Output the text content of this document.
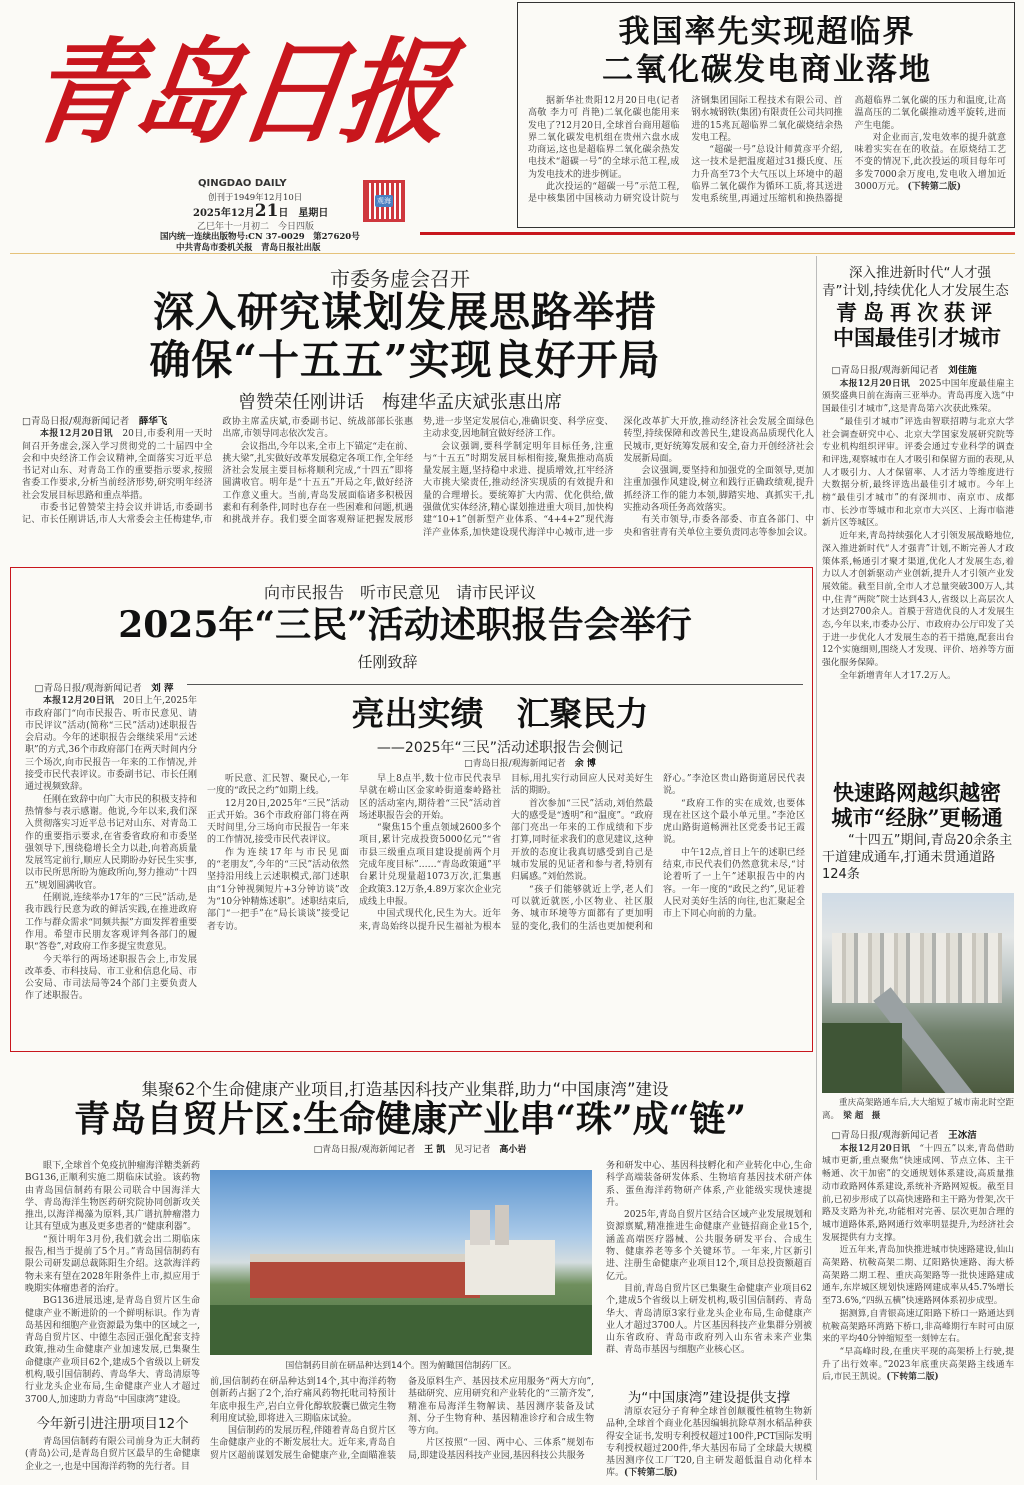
青岛日报
QINGDAO DAILY
创刊于1949年12月10日
2025年12月21日　星期日
乙巳年十一月初二　今日四版
国内统一连续出版物号:CN 37-0029　第27620号
中共青岛市委机关报　青岛日报社出版
观海
我国率先实现超临界
二氧化碳发电商业落地

据新华社贵阳12月20日电(记者高敬 李力可 肖艳)二氧化碳也能用来发电了?12月20日,全球首台商用超临界二氧化碳发电机组在贵州六盘水成功商运,这也是超临界二氧化碳余热发电技术“超碳一号”的全球示范工程,成为发电技术的进步例证。

此次投运的“超碳一号”示范工程,是中核集团中国核动力研究设计院与济钢集团国际工程技术有限公司、首钢水城钢铁(集团)有限责任公司共同推进的15兆瓦超临界二氧化碳烧结余热发电工程。

“超碳一号”总设计师黄彦平介绍,这一技术是把温度超过31摄氏度、压力升高至73个大气压以上环境中的超临界二氧化碳作为循环工质,将其送进发电系统里,再通过压缩机和换热器提高超临界二氧化碳的压力和温度,让高温高压的二氧化碳推动透平旋转,进而产生电能。

对企业而言,发电效率的提升就意味着实实在在的收益。在原烧结工艺不变的情况下,此次投运的项目每年可多发7000余万度电,发电收入增加近3000万元。 (下转第二版)

市委务虚会召开
深入研究谋划发展思路举措
确保“十五五”实现良好开局
曾赞荣任刚讲话　梅建华孟庆斌张惠出席

□青岛日报/观海新闻记者　 薛华飞

本报12月20日讯　 20日,市委利用一天时间召开务虚会,深入学习贯彻党的二十届四中全会和中央经济工作会议精神,全面落实习近平总书记对山东、对青岛工作的重要指示要求,按照省委工作要求,分析当前经济形势,研究明年经济社会发展目标思路和重点举措。

市委书记曾赞荣主持会议并讲话,市委副书记、市长任刚讲话,市人大常委会主任梅建华,市政协主席孟庆斌,市委副书记、统战部部长张惠出席,市领导同志依次发言。

会议指出,今年以来,全市上下锚定“走在前、挑大梁”,扎实做好改革发展稳定各项工作,全年经济社会发展主要目标将顺利完成,“十四五”即将圆满收官。明年是“十五五”开局之年,做好经济工作意义重大。当前,青岛发展面临诸多积极因素和有利条件,同时也存在一些困难和问题,机遇和挑战并存。我们要全面客观辩证把握发展形势,进一步坚定发展信心,准确识变、科学应变、主动求变,因地制宜做好经济工作。

会议强调,要科学制定明年目标任务,注重与“十五五”时期发展目标相衔接,聚焦推动高质量发展主题,坚持稳中求进、提质增效,扛牢经济大市挑大梁责任,推动经济实现质的有效提升和量的合理增长。要统筹扩大内需、优化供给,做强做优实体经济,精心谋划推进重大项目,加快构建“10+1”创新型产业体系、“4+4+2”现代海洋产业体系,加快建设现代海洋中心城市,进一步深化改革扩大开放,推动经济社会发展全面绿色转型,持续保障和改善民生,建设高品质现代化人民城市,更好统筹发展和安全,奋力开创经济社会发展新局面。

会议强调,要坚持和加强党的全面领导,更加注重加强作风建设,树立和践行正确政绩观,提升抓经济工作的能力本领,脚踏实地、真抓实干,扎实推动各项任务高效落实。

有关市领导,市委各部委、市直各部门、中央和省驻青有关单位主要负责同志等参加会议。

向市民报告　听市民意见　请市民评议
2025年“三民”活动述职报告会举行
任刚致辞

□青岛日报/观海新闻记者　 刘 萍

本报12月20日讯　 20日上午,2025年市政府部门“向市民报告、听市民意见、请市民评议”活动(简称“三民”活动)述职报告会启动。今年的述职报告会继续采用“云述职”的方式,36个市政府部门在两天时间内分三个场次,向市民报告一年来的工作情况,并接受市民代表评议。市委副书记、市长任刚通过视频致辞。

任刚在致辞中向广大市民的积极支持和热情参与表示感谢。他说,今年以来,我们深入贯彻落实习近平总书记对山东、对青岛工作的重要指示要求,在省委省政府和市委坚强领导下,围绕稳增长全力以赴,向着高质量发展笃定前行,顺应人民期盼办好民生实事,以市民所思所盼为施政所向,努力推动“十四五”规划圆满收官。

任刚说,连续举办17年的“三民”活动,是我市践行民意为政的鲜活实践,在推进政府工作与群众需求“同频共振”方面发挥着重要作用。希望市民朋友客观评判各部门的履职“答卷”,对政府工作多提宝贵意见。

今天举行的两场述职报告会上,市发展改革委、市科技局、市工业和信息化局、市公安局、市司法局等24个部门主要负责人作了述职报告。

亮出实绩　汇聚民力
——2025年“三民”活动述职报告会侧记
□青岛日报/观海新闻记者　 余 博

听民意、汇民智、聚民心,一年一度的“政民之约”如期上线。

12月20日,2025年“三民”活动正式开始。36个市政府部门将在两天时间里,分三场向市民报告一年来的工作情况,接受市民代表评议。

作为连续17年与市民见面的“老朋友”,今年的“三民”活动依然坚持沿用线上云述职模式,部门述职由“1分钟视频短片+3分钟访谈”改为“10分钟精炼述职”。述职结束后,部门“一把手”在“局长谈谈”接受记者专访。

早上8点半,数十位市民代表早早就在崂山区金家岭街道秦岭路社区的活动室内,期待着“三民”活动首场述职报告会的开始。

“聚焦15个重点领域2600多个项目,累计完成投资5000亿元”“省市县三级重点项目建设提前两个月完成年度目标”……“青岛政策通”平台累计兑现量超1073万次,汇集惠企政策3.12万条,4.89万家次企业完成线上申报。

中国式现代化,民生为大。近年来,青岛始终以提升民生福祉为根本目标,用扎实行动回应人民对美好生活的期盼。

首次参加“三民”活动,刘伯然最大的感受是“透明”和“温度”。“政府部门亮出一年来的工作成绩和下步打算,同时征求我们的意见建议,这种开放的态度让我真切感受到自己是城市发展的见证者和参与者,特别有归属感。”刘伯然说。

“孩子们能够就近上学,老人们可以就近就医,小区物业、社区服务、城市环境等方面都有了更加明显的变化,我们的生活也更加便利和舒心。”李沧区贵山路街道居民代表说。

“政府工作的实在成效,也要体现在社区这个最小单元里。”李沧区虎山路街道畅洲社区党委书记王霞说。

中午12点,首日上午的述职已经结束,市民代表们仍然意犹未尽,“讨论着听了一上午”述职报告中的内容。一年一度的“政民之约”,见证着人民对美好生活的向往,也汇聚起全市上下同心向前的力量。

深入推进新时代“人才强青”计划,持续优化人才发展生态
青岛再次获评
中国最佳引才城市

□青岛日报/观海新闻记者　 刘佳施

本报12月20日讯　 2025中国年度最佳雇主颁奖盛典日前在海南三亚举办。青岛再度入选“中国最佳引才城市”,这是青岛第六次获此殊荣。

“最佳引才城市”评选由智联招聘与北京大学社会调查研究中心、北京大学国家发展研究院等专业机构组织评审。评委会通过专业科学的调查和评选,观察城市在人才吸引和保留方面的表现,从人才吸引力、人才保留率、人才活力等维度进行大数据分析,最终评选出最佳引才城市。今年上榜“最佳引才城市”的有深圳市、南京市、成都市、长沙市等城市和北京市大兴区、上海市临港新片区等城区。

近年来,青岛持续强化人才引领发展战略地位,深入推进新时代“人才强青”计划,不断完善人才政策体系,畅通引才聚才渠道,优化人才发展生态,着力以人才创新驱动产业创新,提升人才引领产业发展效能。截至目前,全市人才总量突破300万人,其中,住青“两院”院士达到43人,省级以上高层次人才达到2700余人。首膜于营造优良的人才发展生态,今年以来,市委办公厅、市政府办公厅印发了关于进一步优化人才发展生态的若干措施,配套出台12个实施细则,围绕人才发现、评价、培养等方面强化服务保障。

全年新增青年人才17.2万人。

快速路网越织越密
城市“经脉”更畅通
“十四五”期间,青岛20余条主干道建成通车,打通未贯通道路124条

重庆高架路通车后,大大缩短了城市南北时空距离。　 梁 超　摄

□青岛日报/观海新闻记者　 王冰洁

本报12月20日讯　 “十四五”以来,青岛借助城市更新,重点聚焦“快速成网、节点立体、主干畅通、次干加密”的交通规划体系建设,高质量推动市政路网体系建设,系统补齐路网短板。截至目前,已初步形成了以高快速路和主干路为骨架,次干路及支路为补充,功能相对完善、层次更加合理的城市道路体系,路网通行效率明显提升,为经济社会发展提供有力支撑。

近五年来,青岛加快推进城市快速路建设,仙山高架路、杭鞍高架二期、辽阳路快速路、海大桥高架路二期工程、重庆高架路等一批快速路建成通车,东岸城区规划快速路网建成率从45.7%增长至73.6%,“四纵五横”快速路网体系初步成型。

据测算,自青银高速辽阳路下桥口一路通达到杭鞍高架路环湾路下桥口,非高峰期行车时可由原来的平均40分钟缩短至一刻钟左右。

“早高峰时段,在重庆平现的高架桥上行驶,提升了出行效率。”2023年底重庆高架路主线通车后,市民王凯说。(下转第二版)

集聚62个生命健康产业项目,打造基因科技产业集群,助力“中国康湾”建设
青岛自贸片区:生命健康产业串“珠”成“链”
□青岛日报/观海新闻记者　 王 凯　 见习记者　 高小岩

眼下,全球首个免疫抗肿瘤海洋糖类新药BG136,正顺利实施二期临床试验。该药物由青岛国信制药有限公司联合中国海洋大学、青岛海洋生物医药研究院协同创新攻关推出,以海洋褐藻为原料,其广谱抗肿瘤潜力让其有望成为惠及更多患者的“健康利器”。

“预计明年3月份,我们就会出二期临床报告,相当于提前了5个月。”青岛国信制药有限公司研发副总裁陈阳生介绍。这款海洋药物未来有望在2028年附条件上市,拟应用于晚期实体瘤患者的治疗。

BG136进展迅速,是青岛自贸片区生命健康产业不断进阶的一个鲜明标识。作为青岛基因和细胞产业资源最为集中的区域之一,青岛自贸片区、中德生态园正强化配套支持政策,推动生命健康产业加速发展,已集聚生命健康产业项目62个,建成5个省级以上研发机构,吸引国信制药、青岛华大、青岛清原等行业龙头企业布局,生命健康产业人才超过3700人,加速助力青岛“中国康湾”建设。

今年新引进注册项目12个

青岛国信制药有限公司前身为正大制药(青岛)公司,是青岛自贸片区最早的生命健康企业之一,也是中国海洋药物的先行者。目

国信制药目前在研品种达到14个。图为俯瞰国信制药厂区。

前,国信制药在研品种达到14个,其中海洋药物创新药占据了2个,治疗痛风药物托吡司特预计年底申报生产,岩白立骨化醇软胶囊已做完生物利用度试验,即将进入三期临床试验。

国信制药的发展历程,伴随着青岛自贸片区生命健康产业的不断发展壮大。近年来,青岛自贸片区超前谋划发展生命健康产业,全面瞄准装备及原料生产、基因技术应用服务“两大方向”,基础研究、应用研究和产业转化的“三箭齐发”,精准布局海洋生物解读、基因测序装备及试剂、分子生物育种、基因精准诊疗和合成生物等方向。

片区按照“一园、两中心、三体系”规划布局,即建设基因科技产业园,基因科技公共服务

务和研发中心、基因科技孵化和产业转化中心,生命科学高端装备研发体系、生物培育基因技术研产体系、蛋鱼海洋药物研产体系,产业能级实现快速提升。

2025年,青岛自贸片区结合区域产业发展规划和资源禀赋,精准推进生命健康产业链招商企业15个,涵盖高端医疗器械、公共服务研发平台、合成生物、健康养老等多个关键环节。一年来,片区新引进、注册生命健康产业项目12个,项目总投资额超百亿元。

目前,青岛自贸片区已集聚生命健康产业项目62个,建成5个省级以上研发机构,吸引国信制药、青岛华大、青岛清原3家行业龙头企业布局,生命健康产业人才超过3700人。片区基因科技产业集群分别被山东省政府、青岛市政府列入山东省未来产业集群、青岛市基因与细胞产业核心区。

为“中国康湾”建设提供支撑

清原农冠分子育种全球首创颠覆性植物生物新品种,全球首个商业化基因编辑抗除草剂水稻品种获得安全证书,发明专利授权超过100件,PCT国际发明专利授权超过200件,华大基因布局了全球最大规模基因测序仪工厂T20,自主研发超低温自动化样本库。(下转第二版)
